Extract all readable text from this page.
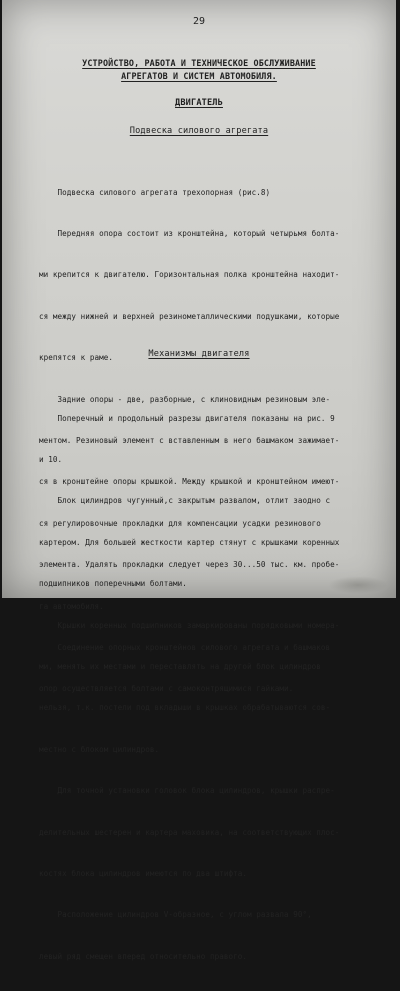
29
УСТРОЙСТВО, РАБОТА И ТЕХНИЧЕСКОЕ ОБСЛУЖИВАНИЕ
АГРЕГАТОВ И СИСТЕМ АВТОМОБИЛЯ.
ДВИГАТЕЛЬ
Подвеска силового агрегата

Подвеска силового агрегата трехопорная (рис.8)

Передняя опора состоит из кронштейна, который четырьмя болта-

ми крепится к двигателю. Горизонтальная полка кронштейна находит-

ся между нижней и верхней резинометаллическими подушками, которые

крепятся к раме.

Задние опоры - две, разборные, с клиновидным резиновым эле-

ментом. Резиновый элемент с вставленным в него башмаком зажимает-

ся в кронштейне опоры крышкой. Между крышкой и кронштейном имеют-

ся регулировочные прокладки для компенсации усадки резинового

элемента. Удалять прокладки следует через 30...50 тыс. км. пробе-

га автомобиля.

Соединение опорных кронштейнов силового агрегата и башмаков

опор осуществляется болтами с самоконтрящимися гайками.

Механизмы двигателя

Поперечный и продольный разрезы двигателя показаны на рис. 9

и 10.

Блок цилиндров чугунный,с закрытым развалом, отлит заодно с

картером. Для большей жесткости картер стянут с крышками коренных

подшипников поперечными болтами.

Крышки коренных подшипников замаркированы порядковыми номера-

ми, менять их местами и переставлять на другой блок цилиндров

нельзя, т.к. постели под вкладыши в крышках обрабатываются сов-

местно с блоком цилиндров.

Для точной установки головок блока цилиндров, крышки распре-

делительных шестерен и картера маховика, на соответствующих плос-

костях блока цилиндров имеются по два штифта.

Расположение цилиндров V-образное, с углом развала 90°,

левый ряд смещен вперед относительно правого.
